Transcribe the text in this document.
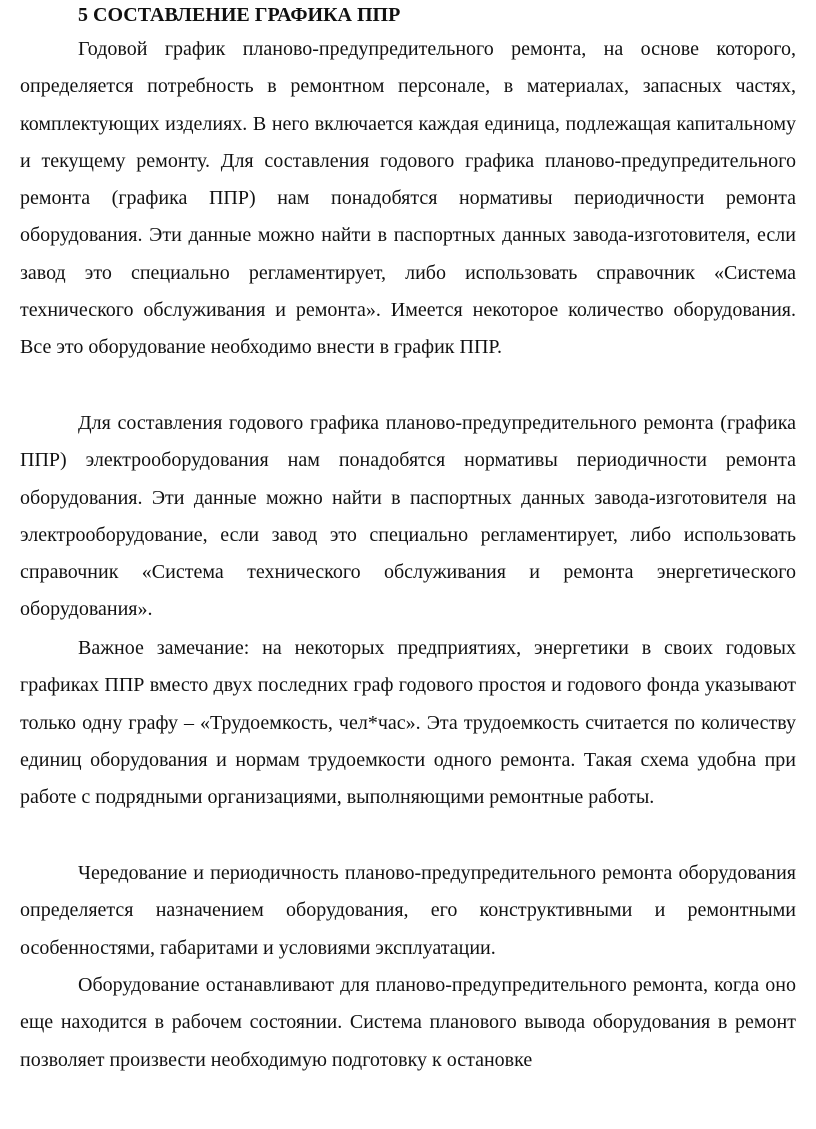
5 СОСТАВЛЕНИЕ ГРАФИКА ППР

Годовой график планово-предупредительного ремонта, на основе которого, определяется потребность в ремонтном персонале, в материалах, запасных частях, комплектующих изделиях. В него включается каждая единица, подлежащая капитальному и текущему ремонту. Для составления годового графика планово-предупредительного ремонта (графика ППР) нам понадобятся нормативы периодичности ремонта оборудования. Эти данные можно найти в паспортных данных завода-изготовителя, если завод это специально регламентирует, либо использовать справочник «Система технического обслуживания и ремонта». Имеется некоторое количество оборудования. Все это оборудование необходимо внести в график ППР.

Для составления годового графика планово-предупредительного ремонта (графика ППР) электрооборудования нам понадобятся нормативы периодичности ремонта оборудования. Эти данные можно найти в паспортных данных завода-изготовителя на электрооборудование, если завод это специально регламентирует, либо использовать справочник «Система технического обслуживания и ремонта энергетического оборудования».

Важное замечание: на некоторых предприятиях, энергетики в своих годовых графиках ППР вместо двух последних граф годового простоя и годового фонда указывают только одну графу – «Трудоемкость, чел*час». Эта трудоемкость считается по количеству единиц оборудования и нормам трудоемкости одного ремонта. Такая схема удобна при работе с подрядными организациями, выполняющими ремонтные работы.

Чередование и периодичность планово-предупредительного ремонта оборудования определяется назначением оборудования, его конструктивными и ремонтными особенностями, габаритами и условиями эксплуатации.

Оборудование останавливают для планово-предупредительного ремонта, когда оно еще находится в рабочем состоянии. Система планового вывода оборудования в ремонт позволяет произвести необходимую подготовку к остановке
